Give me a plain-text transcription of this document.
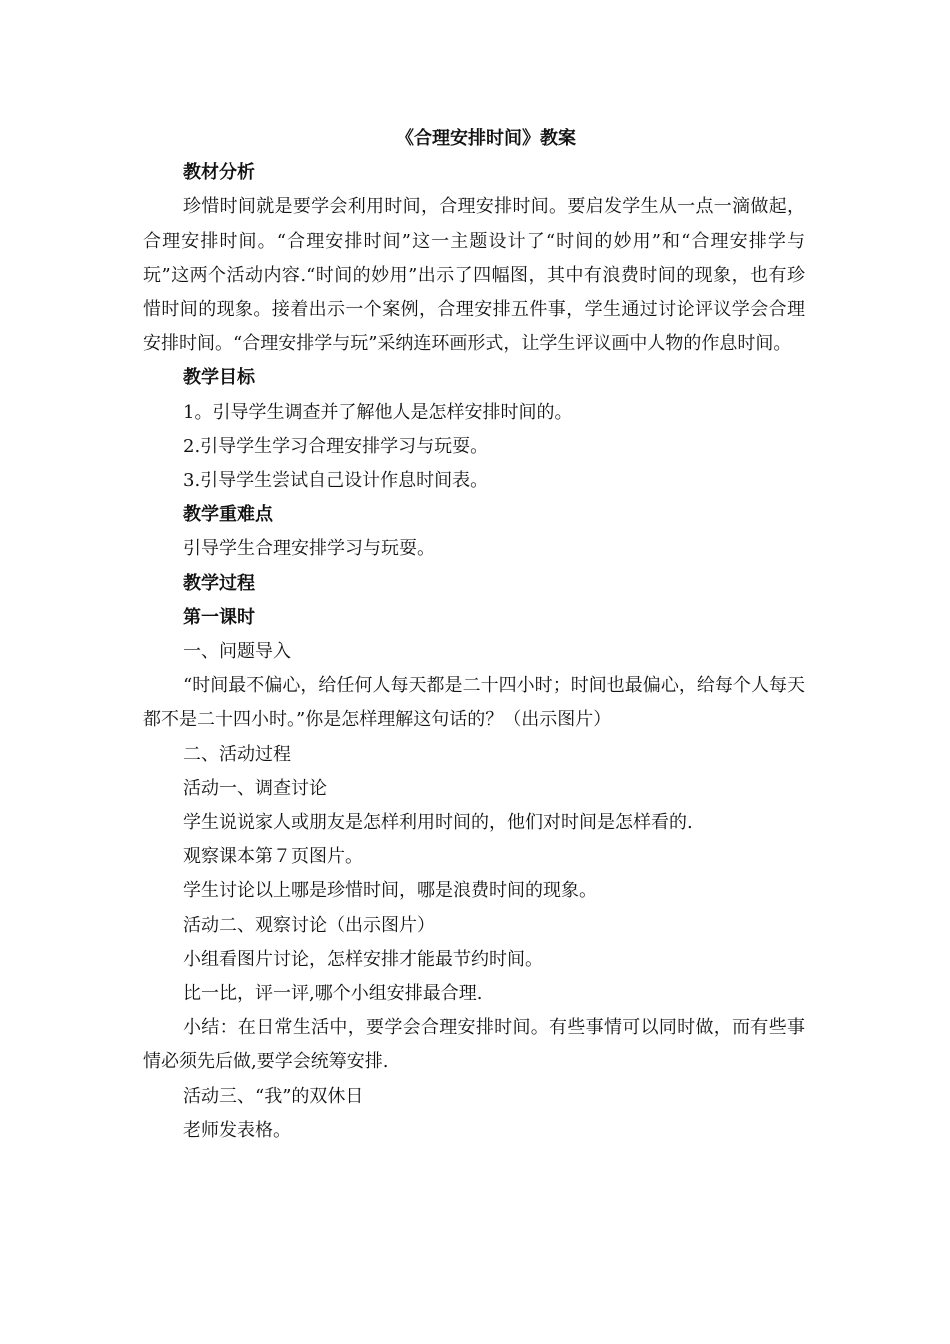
《合理安排时间》教案

教材分析

珍惜时间就是要学会利用时间，合理安排时间。要启发学生从一点一滴做起，合理安排时间。“合理安排时间”这一主题设计了“时间的妙用”和“合理安排学与玩”这两个活动内容.“时间的妙用”出示了四幅图，其中有浪费时间的现象，也有珍惜时间的现象。接着出示一个案例，合理安排五件事，学生通过讨论评议学会合理安排时间。“合理安排学与玩”采纳连环画形式，让学生评议画中人物的作息时间。

教学目标

1。引导学生调查并了解他人是怎样安排时间的。

2.引导学生学习合理安排学习与玩耍。

3.引导学生尝试自己设计作息时间表。

教学重难点

引导学生合理安排学习与玩耍。

教学过程

第一课时

一、问题导入

“时间最不偏心，给任何人每天都是二十四小时；时间也最偏心，给每个人每天都不是二十四小时。”你是怎样理解这句话的？（出示图片）

二、活动过程

活动一、调查讨论

学生说说家人或朋友是怎样利用时间的，他们对时间是怎样看的.

观察课本第７页图片。

学生讨论以上哪是珍惜时间，哪是浪费时间的现象。

活动二、观察讨论（出示图片）

小组看图片讨论，怎样安排才能最节约时间。

比一比，评一评,哪个小组安排最合理.

小结：在日常生活中，要学会合理安排时间。有些事情可以同时做，而有些事情必须先后做,要学会统筹安排.

活动三、“我”的双休日

老师发表格。
